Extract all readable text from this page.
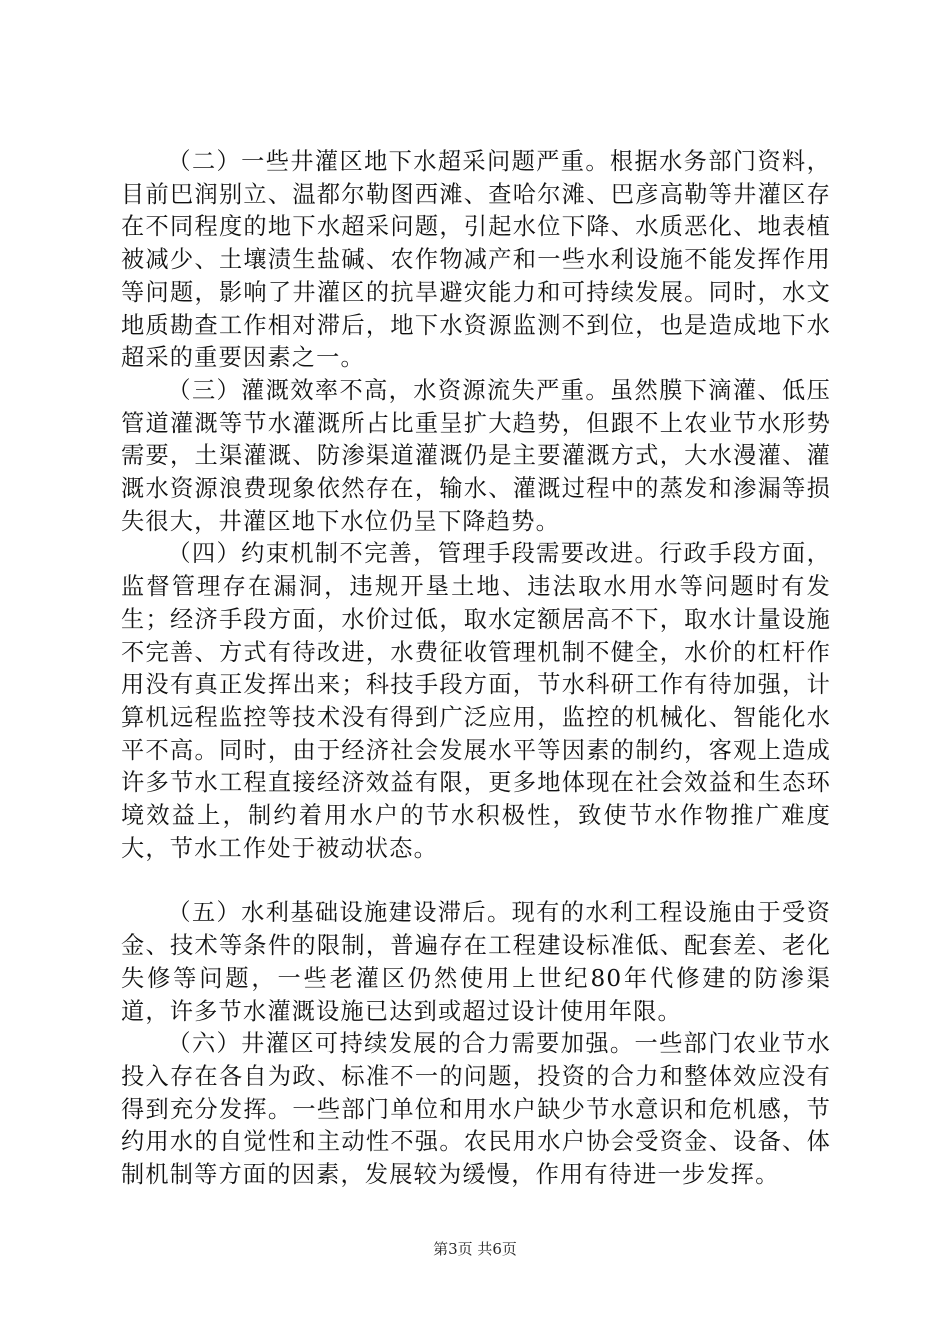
（二）一些井灌区地下水超采问题严重。根据水务部门资料，目前巴润别立、温都尔勒图西滩、查哈尔滩、巴彦高勒等井灌区存在不同程度的地下水超采问题，引起水位下降、水质恶化、地表植被减少、土壤渍生盐碱、农作物减产和一些水利设施不能发挥作用等问题，影响了井灌区的抗旱避灾能力和可持续发展。同时，水文地质勘查工作相对滞后，地下水资源监测不到位，也是造成地下水超采的重要因素之一。

（三）灌溉效率不高，水资源流失严重。虽然膜下滴灌、低压管道灌溉等节水灌溉所占比重呈扩大趋势，但跟不上农业节水形势需要，土渠灌溉、防渗渠道灌溉仍是主要灌溉方式，大水漫灌、灌溉水资源浪费现象依然存在，输水、灌溉过程中的蒸发和渗漏等损失很大，井灌区地下水位仍呈下降趋势。

（四）约束机制不完善，管理手段需要改进。行政手段方面，监督管理存在漏洞，违规开垦土地、违法取水用水等问题时有发生；经济手段方面，水价过低，取水定额居高不下，取水计量设施不完善、方式有待改进，水费征收管理机制不健全，水价的杠杆作用没有真正发挥出来；科技手段方面，节水科研工作有待加强，计算机远程监控等技术没有得到广泛应用，监控的机械化、智能化水平不高。同时，由于经济社会发展水平等因素的制约，客观上造成许多节水工程直接经济效益有限，更多地体现在社会效益和生态环境效益上，制约着用水户的节水积极性，致使节水作物推广难度大，节水工作处于被动状态。

（五）水利基础设施建设滞后。现有的水利工程设施由于受资金、技术等条件的限制，普遍存在工程建设标准低、配套差、老化失修等问题，一些老灌区仍然使用上世纪80年代修建的防渗渠道，许多节水灌溉设施已达到或超过设计使用年限。

（六）井灌区可持续发展的合力需要加强。一些部门农业节水投入存在各自为政、标准不一的问题，投资的合力和整体效应没有得到充分发挥。一些部门单位和用水户缺少节水意识和危机感，节约用水的自觉性和主动性不强。农民用水户协会受资金、设备、体制机制等方面的因素，发展较为缓慢，作用有待进一步发挥。

第3页 共6页
